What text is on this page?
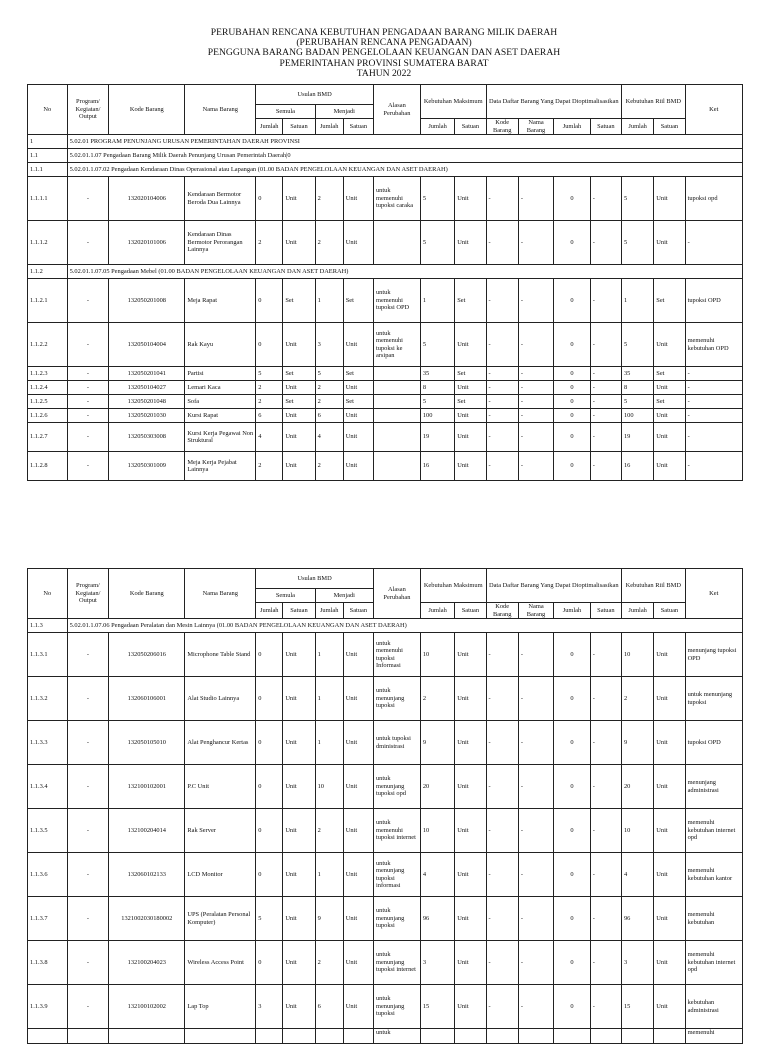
PERUBAHAN RENCANA KEBUTUHAN PENGADAAN BARANG MILIK DAERAH
(PERUBAHAN RENCANA PENGADAAN)
PENGGUNA BARANG BADAN PENGELOLAAN KEUANGAN DAN ASET DAERAH
PEMERINTAHAN PROVINSI SUMATERA BARAT
TAHUN 2022
No	Program/ Kegiatan/ Output	Kode Barang	Nama Barang	Usulan BMD				Alasan Perubahan	Kebutuhan Maksimum		Data Daftar Barang Yang Dapat Dioptimalisasikan				Kebutuhan Riil BMD		Ket
				Semula		Menjadi											
				Jumlah	Satuan	Jumlah	Satuan		Jumlah	Satuan	Kode Barang	Nama Barang	Jumlah	Satuan	Jumlah	Satuan	
1	5.02.01 PROGRAM PENUNJANG URUSAN PEMERINTAHAN DAERAH PROVINSI																
1.1	5.02.01.1.07 Pengadaan Barang Milik Daerah Penunjang Urusan Pemerintah Daerah|0																
1.1.1	5.02.01.1.07.02 Pengadaan Kendaraan Dinas Operasional atau Lapangan (01.00 BADAN PENGELOLAAN KEUANGAN DAN ASET DAERAH)																
1.1.1.1	-	132020104006	Kendaraan Bermotor Beroda Dua Lainnya	0	Unit	2	Unit	untuk memenuhi tupoksi caraka	5	Unit	-	-	0	-	5	Unit	tupoksi opd
1.1.1.2	-	132020101006	Kendaraan Dinas Bermotor Perorangan Lainnya	2	Unit	2	Unit		5	Unit	-	-	0	-	5	Unit	-
1.1.2	5.02.01.1.07.05 Pengadaan Mebel (01.00 BADAN PENGELOLAAN KEUANGAN DAN ASET DAERAH)																
1.1.2.1	-	132050201008	Meja Rapat	0	Set	1	Set	untuk memenuhi tupoksi OPD	1	Set	-	-	0	-	1	Set	tupoksi OPD
1.1.2.2	-	132050104004	Rak Kayu	0	Unit	3	Unit	untuk memenuhi tupoksi ke arsipan	5	Unit	-	-	0	-	5	Unit	memenuhi kebutuhan OPD
1.1.2.3	-	132050201041	Partisi	5	Set	5	Set		35	Set	-	-	0	-	35	Set	-
1.1.2.4	-	132050104027	Lemari Kaca	2	Unit	2	Unit		8	Unit	-	-	0	-	8	Unit	-
1.1.2.5	-	132050201048	Sofa	2	Set	2	Set		5	Set	-	-	0	-	5	Set	-
1.1.2.6	-	132050201030	Kursi Rapat	6	Unit	6	Unit		100	Unit	-	-	0	-	100	Unit	-
1.1.2.7	-	132050303008	Kursi Kerja Pegawai Non Struktural	4	Unit	4	Unit		19	Unit	-	-	0	-	19	Unit	-
1.1.2.8	-	132050301009	Meja Kerja Pejabat Lainnya	2	Unit	2	Unit		16	Unit	-	-	0	-	16	Unit	-
No	Program/ Kegiatan/ Output	Kode Barang	Nama Barang	Usulan BMD				Alasan Perubahan	Kebutuhan Maksimum		Data Daftar Barang Yang Dapat Dioptimalisasikan				Kebutuhan Riil BMD		Ket
				Semula		Menjadi											
				Jumlah	Satuan	Jumlah	Satuan		Jumlah	Satuan	Kode Barang	Nama Barang	Jumlah	Satuan	Jumlah	Satuan	
1.1.3	5.02.01.1.07.06 Pengadaan Peralatan dan Mesin Lainnya (01.00 BADAN PENGELOLAAN KEUANGAN DAN ASET DAERAH)																
1.1.3.1	-	132050206016	Microphone Table Stand	0	Unit	1	Unit	untuk memenuhi tupoksi Informasi	10	Unit	-	-	0	-	10	Unit	menunjang tupoksi OPD
1.1.3.2	-	132060106001	Alat Studio Lainnya	0	Unit	1	Unit	untuk menunjang tupoksi	2	Unit	-	-	0	-	2	Unit	untuk menunjang tupoksi
1.1.3.3	-	132050105010	Alat Penghancur Kertas	0	Unit	1	Unit	untuk tupoksi dministrasi	9	Unit	-	-	0	-	9	Unit	tupoksi OPD
1.1.3.4	-	132100102001	P.C Unit	0	Unit	10	Unit	untuk menunjang tupoksi opd	20	Unit	-	-	0	-	20	Unit	menunjang administrasi
1.1.3.5	-	132100204014	Rak Server	0	Unit	2	Unit	untuk memenuhi tupoksi internet	10	Unit	-	-	0	-	10	Unit	memenuhi kebutuhan internet opd
1.1.3.6	-	132060102133	LCD Monitor	0	Unit	1	Unit	untuk menunjang tupoksi informasi	4	Unit	-	-	0	-	4	Unit	memenuhi kebutuhan kantor
1.1.3.7	-	1321002030180002	UPS (Peralatan Personal Komputer)	5	Unit	9	Unit	untuk menunjang tupoksi	96	Unit	-	-	0	-	96	Unit	memenuhi kebutuhan
1.1.3.8	-	132100204023	Wireless Access Point	0	Unit	2	Unit	untuk menunjang tupoksi internet	3	Unit	-	-	0	-	3	Unit	memenuhi kebutuhan internet opd
1.1.3.9	-	132100102002	Lap Top	3	Unit	6	Unit	untuk menunjang tupoksi	15	Unit	-	-	0	-	15	Unit	kebutuhan administrasi
								untuk									memenuhi
